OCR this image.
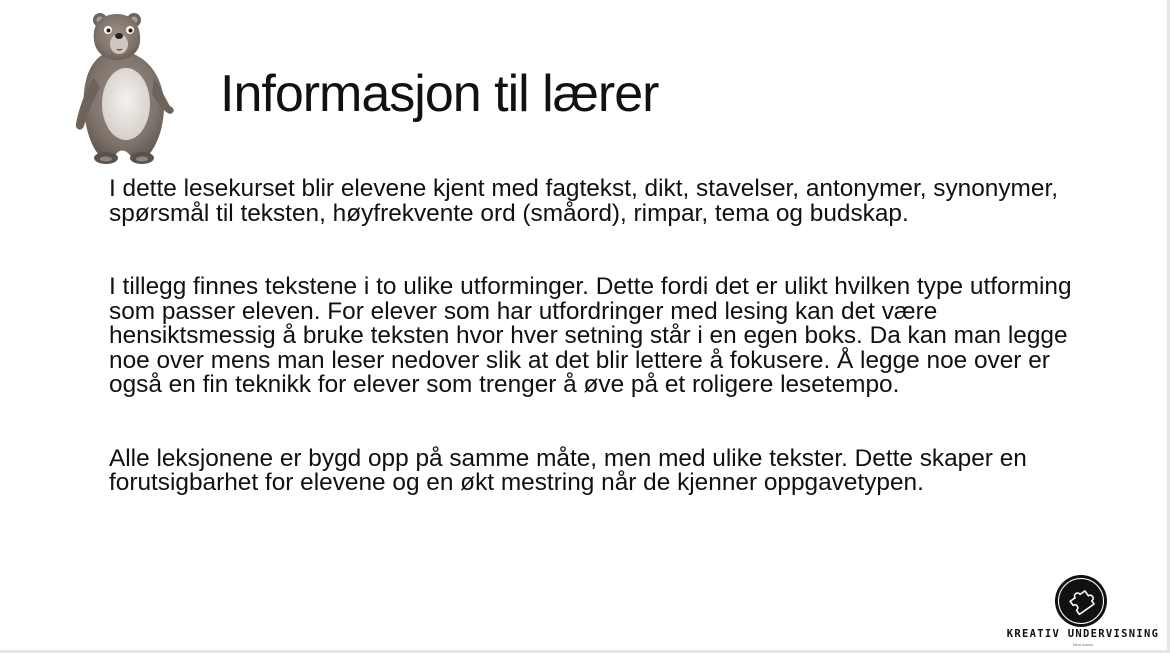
Informasjon til lærer

I dette lesekurset blir elevene kjent med fagtekst, dikt, stavelser, antonymer, synonymer, spørsmål til teksten, høyfrekvente ord (småord), rimpar, tema og budskap.

I tillegg finnes tekstene i to ulike utforminger. Dette fordi det er ulikt hvilken type utforming som passer eleven. For elever som har utfordringer med lesing kan det være hensiktsmessig å bruke teksten hvor hver setning står i en egen boks. Da kan man legge noe over mens man leser nedover slik at det blir lettere å fokusere. Å legge noe over er også en fin teknikk for elever som trenger å øve på et roligere lesetempo.

Alle leksjonene er bygd opp på samme måte, men med ulike tekster. Dette skaper en forutsigbarhet for elevene og en økt mestring når de kjenner oppgavetypen.

KREATIV UNDERVISNING
Nina Aasen
